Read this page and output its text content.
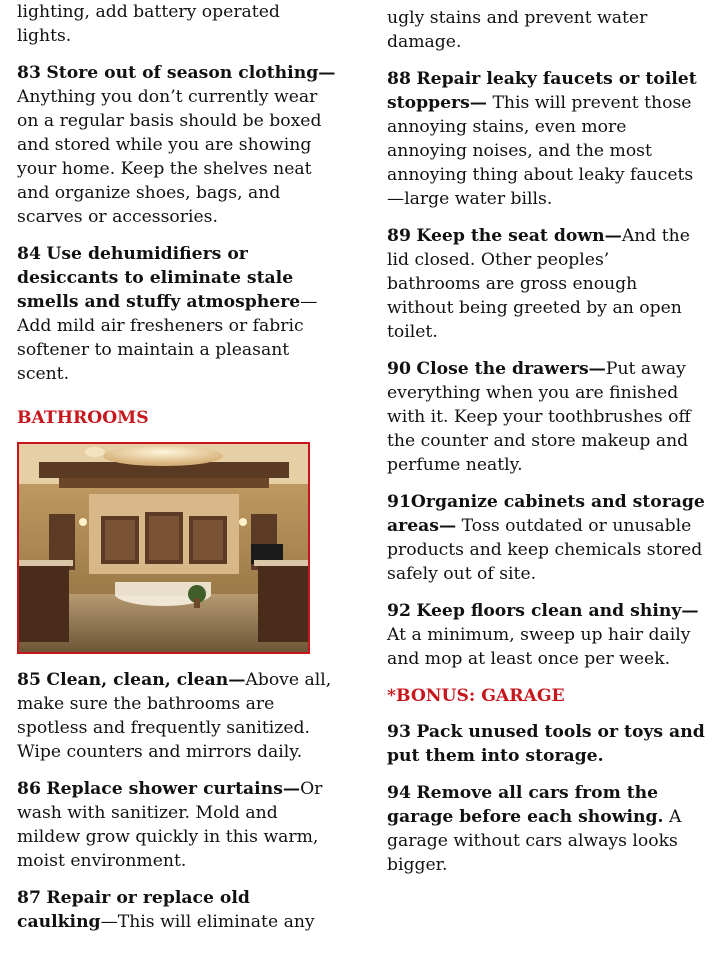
lighting, add battery operated lights.

83 Store out of season clothing—Anything you don’t currently wear on a regular basis should be boxed and stored while you are showing your home. Keep the shelves neat and organize shoes, bags, and scarves or accessories.

84 Use dehumidifiers or desiccants to eliminate stale smells and stuffy atmosphere—Add mild air fresheners or fabric softener to maintain a pleasant scent.

BATHROOMS

85 Clean, clean, clean—Above all, make sure the bathrooms are spotless and frequently sanitized. Wipe counters and mirrors daily.

86 Replace shower curtains—Or wash with sanitizer. Mold and mildew grow quickly in this warm, moist environment.

87 Repair or replace old caulking—This will eliminate any

ugly stains and prevent water damage.

88 Repair leaky faucets or toilet stoppers— This will prevent those annoying stains, even more annoying noises, and the most annoying thing about leaky faucets—large water bills.

89 Keep the seat down—And the lid closed. Other peoples’ bathrooms are gross enough without being greeted by an open toilet.

90 Close the drawers—Put away everything when you are finished with it. Keep your toothbrushes off the counter and store makeup and perfume neatly.

91Organize cabinets and storage areas— Toss outdated or unusable products and keep chemicals stored safely out of site.

92 Keep floors clean and shiny— At a minimum, sweep up hair daily and mop at least once per week.

*BONUS: GARAGE

93 Pack unused tools or toys and put them into storage.

94 Remove all cars from the garage before each showing. A garage without cars always looks bigger.
